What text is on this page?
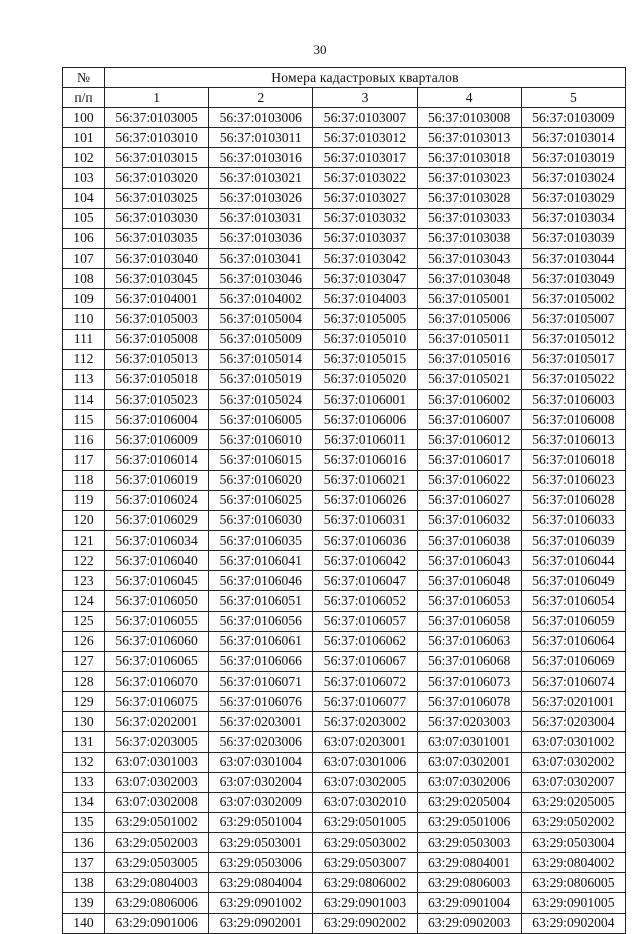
30
№	Номера кадастровых кварталов				
п/п	1	2	3	4	5
100	56:37:0103005	56:37:0103006	56:37:0103007	56:37:0103008	56:37:0103009
101	56:37:0103010	56:37:0103011	56:37:0103012	56:37:0103013	56:37:0103014
102	56:37:0103015	56:37:0103016	56:37:0103017	56:37:0103018	56:37:0103019
103	56:37:0103020	56:37:0103021	56:37:0103022	56:37:0103023	56:37:0103024
104	56:37:0103025	56:37:0103026	56:37:0103027	56:37:0103028	56:37:0103029
105	56:37:0103030	56:37:0103031	56:37:0103032	56:37:0103033	56:37:0103034
106	56:37:0103035	56:37:0103036	56:37:0103037	56:37:0103038	56:37:0103039
107	56:37:0103040	56:37:0103041	56:37:0103042	56:37:0103043	56:37:0103044
108	56:37:0103045	56:37:0103046	56:37:0103047	56:37:0103048	56:37:0103049
109	56:37:0104001	56:37:0104002	56:37:0104003	56:37:0105001	56:37:0105002
110	56:37:0105003	56:37:0105004	56:37:0105005	56:37:0105006	56:37:0105007
111	56:37:0105008	56:37:0105009	56:37:0105010	56:37:0105011	56:37:0105012
112	56:37:0105013	56:37:0105014	56:37:0105015	56:37:0105016	56:37:0105017
113	56:37:0105018	56:37:0105019	56:37:0105020	56:37:0105021	56:37:0105022
114	56:37:0105023	56:37:0105024	56:37:0106001	56:37:0106002	56:37:0106003
115	56:37:0106004	56:37:0106005	56:37:0106006	56:37:0106007	56:37:0106008
116	56:37:0106009	56:37:0106010	56:37:0106011	56:37:0106012	56:37:0106013
117	56:37:0106014	56:37:0106015	56:37:0106016	56:37:0106017	56:37:0106018
118	56:37:0106019	56:37:0106020	56:37:0106021	56:37:0106022	56:37:0106023
119	56:37:0106024	56:37:0106025	56:37:0106026	56:37:0106027	56:37:0106028
120	56:37:0106029	56:37:0106030	56:37:0106031	56:37:0106032	56:37:0106033
121	56:37:0106034	56:37:0106035	56:37:0106036	56:37:0106038	56:37:0106039
122	56:37:0106040	56:37:0106041	56:37:0106042	56:37:0106043	56:37:0106044
123	56:37:0106045	56:37:0106046	56:37:0106047	56:37:0106048	56:37:0106049
124	56:37:0106050	56:37:0106051	56:37:0106052	56:37:0106053	56:37:0106054
125	56:37:0106055	56:37:0106056	56:37:0106057	56:37:0106058	56:37:0106059
126	56:37:0106060	56:37:0106061	56:37:0106062	56:37:0106063	56:37:0106064
127	56:37:0106065	56:37:0106066	56:37:0106067	56:37:0106068	56:37:0106069
128	56:37:0106070	56:37:0106071	56:37:0106072	56:37:0106073	56:37:0106074
129	56:37:0106075	56:37:0106076	56:37:0106077	56:37:0106078	56:37:0201001
130	56:37:0202001	56:37:0203001	56:37:0203002	56:37:0203003	56:37:0203004
131	56:37:0203005	56:37:0203006	63:07:0203001	63:07:0301001	63:07:0301002
132	63:07:0301003	63:07:0301004	63:07:0301006	63:07:0302001	63:07:0302002
133	63:07:0302003	63:07:0302004	63:07:0302005	63:07:0302006	63:07:0302007
134	63:07:0302008	63:07:0302009	63:07:0302010	63:29:0205004	63:29:0205005
135	63:29:0501002	63:29:0501004	63:29:0501005	63:29:0501006	63:29:0502002
136	63:29:0502003	63:29:0503001	63:29:0503002	63:29:0503003	63:29:0503004
137	63:29:0503005	63:29:0503006	63:29:0503007	63:29:0804001	63:29:0804002
138	63:29:0804003	63:29:0804004	63:29:0806002	63:29:0806003	63:29:0806005
139	63:29:0806006	63:29:0901002	63:29:0901003	63:29:0901004	63:29:0901005
140	63:29:0901006	63:29:0902001	63:29:0902002	63:29:0902003	63:29:0902004
